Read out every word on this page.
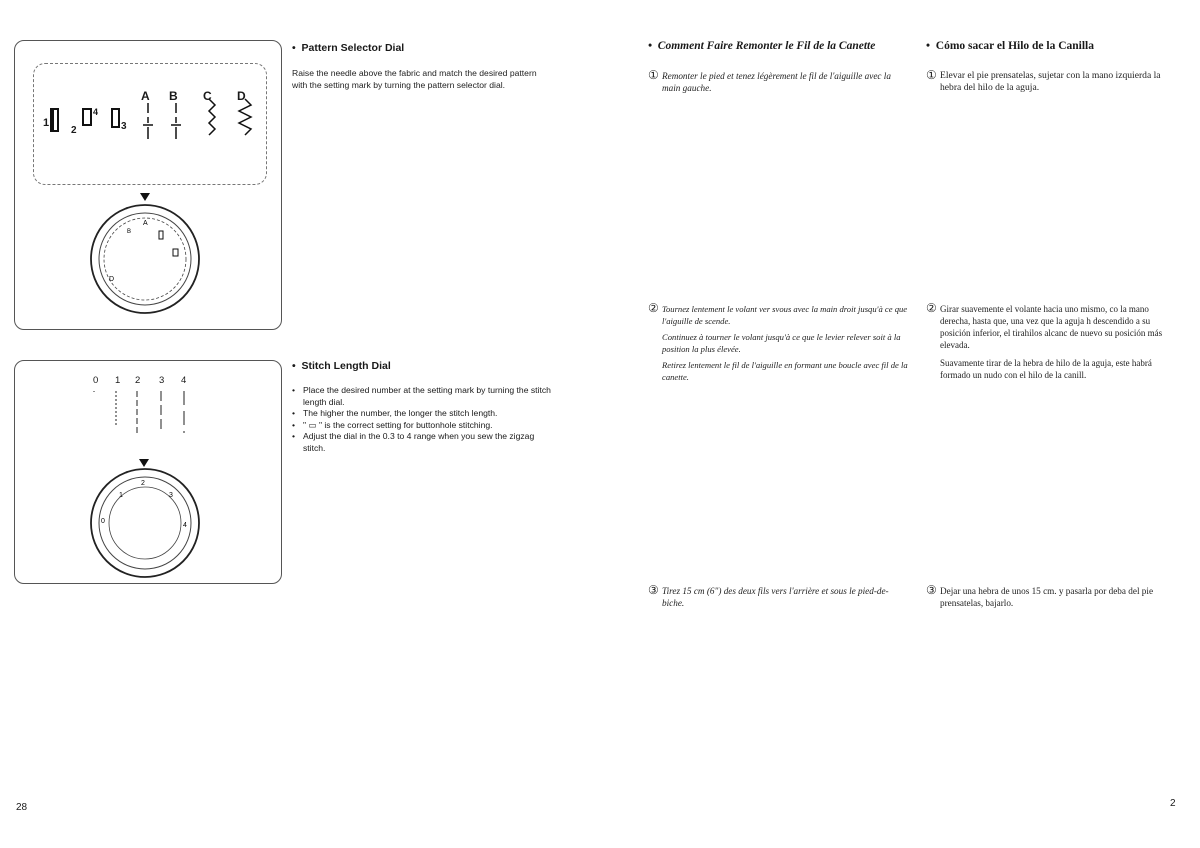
A B C D
1
2
4
3
A
D
B
•  Pattern Selector Dial

Raise the needle above the fabric and match the desired pattern with the setting mark by turning the pattern selector dial.

0 1 2 3 4
2
1	3
0
4
•  Stitch Length Dial
• Place the desired number at the setting mark by turning the stitch length dial.
• The higher the number, the longer the stitch length.
• " ▭ " is the correct setting for buttonhole stitching.
• Adjust the dial in the 0.3 to 4 range when you sew the zigzag stitch.
28
•  Comment Faire Remonter le Fil de la Canette
① Remonter le pied et tenez légèrement le fil de l'aiguille avec la main gauche.
② Tournez lentement le volant ver svous avec la main droit jusqu'à ce que l'aiguille de scende.

Continuez à tourner le volant jusqu'à ce que le levier relever soit à la position la plus élevée.

Retirez lentement le fil de l'aiguille en formant une boucle avec fil de la canette.

③ Tirez 15 cm (6") des deux fils vers l'arrière et sous le pied-de-biche.
•  Cómo sacar el Hilo de la Canilla
① Elevar el pie prensatelas, sujetar con la mano izquierda la hebra del hilo de la aguja.
② Girar suavemente el volante hacia uno mismo, co la mano derecha, hasta que, una vez que la aguja h descendido a su posición inferior, el tirahilos alcanc de nuevo su posición más elevada.

Suavamente tirar de la hebra de hilo de la aguja, este habrá formado un nudo con el hilo de la canill.

③ Dejar una hebra de unos 15 cm. y pasarla por deba del pie prensatelas, bajarlo.
2
